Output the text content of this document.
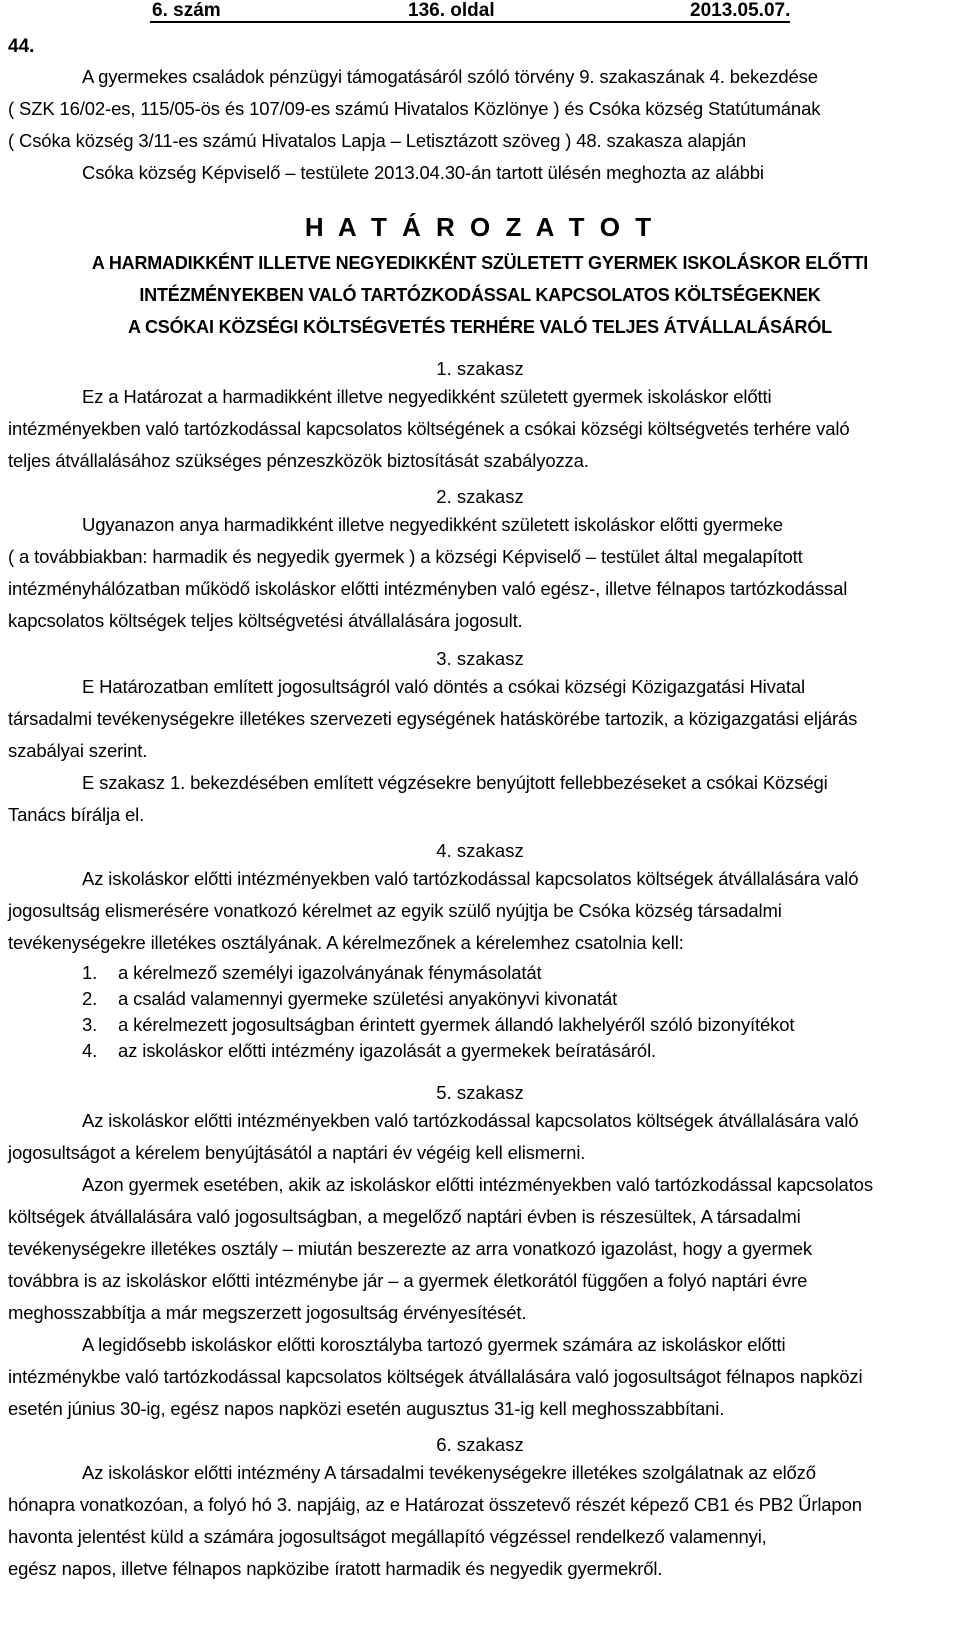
6. szám	136. oldal	2013.05.07.
44.
A gyermekes családok pénzügyi támogatásáról szóló törvény 9. szakaszának 4. bekezdése
( SZK 16/02-es, 115/05-ös és 107/09-es számú Hivatalos Közlönye ) és Csóka község Statútumának
( Csóka község 3/11-es számú Hivatalos Lapja – Letisztázott szöveg ) 48. szakasza alapján
Csóka község Képviselő – testülete 2013.04.30-án tartott ülésén meghozta az alábbi
H A T Á R O Z A T O T
A HARMADIKKÉNT ILLETVE NEGYEDIKKÉNT SZÜLETETT GYERMEK ISKOLÁSKOR ELŐTTI
INTÉZMÉNYEKBEN VALÓ TARTÓZKODÁSSAL KAPCSOLATOS KÖLTSÉGEKNEK
A CSÓKAI KÖZSÉGI KÖLTSÉGVETÉS TERHÉRE VALÓ TELJES ÁTVÁLLALÁSÁRÓL
1. szakasz
Ez a Határozat a harmadikként illetve negyedikként született gyermek iskoláskor előtti
intézményekben való tartózkodással kapcsolatos költségének a csókai községi költségvetés terhére való
teljes átvállalásához szükséges pénzeszközök biztosítását szabályozza.
2. szakasz
Ugyanazon anya harmadikként illetve negyedikként született iskoláskor előtti gyermeke
( a továbbiakban: harmadik és negyedik gyermek ) a községi Képviselő – testület által megalapított
intézményhálózatban működő iskoláskor előtti intézményben való egész-, illetve félnapos tartózkodással
kapcsolatos költségek teljes költségvetési átvállalására jogosult.
3. szakasz
E Határozatban említett jogosultságról való döntés a csókai községi Közigazgatási Hivatal
társadalmi tevékenységekre illetékes szervezeti egységének hatáskörébe tartozik, a közigazgatási eljárás
szabályai szerint.
E szakasz 1. bekezdésében említett végzésekre benyújtott fellebbezéseket a csókai Községi
Tanács bírálja el.
4. szakasz
Az iskoláskor előtti intézményekben való tartózkodással kapcsolatos költségek átvállalására való
jogosultság elismerésére vonatkozó kérelmet az egyik szülő nyújtja be Csóka község társadalmi
tevékenységekre illetékes osztályának. A kérelmezőnek a kérelemhez csatolnia kell:
1. a kérelmező személyi igazolványának fénymásolatát
2. a család valamennyi gyermeke születési anyakönyvi kivonatát
3. a kérelmezett jogosultságban érintett gyermek állandó lakhelyéről szóló bizonyítékot
4. az iskoláskor előtti intézmény igazolását a gyermekek beíratásáról.
5. szakasz
Az iskoláskor előtti intézményekben való tartózkodással kapcsolatos költségek átvállalására való
jogosultságot a kérelem benyújtásától a naptári év végéig kell elismerni.
Azon gyermek esetében, akik az iskoláskor előtti intézményekben való tartózkodással kapcsolatos
költségek átvállalására való jogosultságban, a megelőző naptári évben is részesültek, A társadalmi
tevékenységekre illetékes osztály – miután beszerezte az arra vonatkozó igazolást, hogy a gyermek
továbbra is az iskoláskor előtti intézménybe jár – a gyermek életkorától függően a folyó naptári évre
meghosszabbítja a már megszerzett jogosultság érvényesítését.
A legidősebb iskoláskor előtti korosztályba tartozó gyermek számára az iskoláskor előtti
intézménykbe való tartózkodással kapcsolatos költségek átvállalására való jogosultságot félnapos napközi
esetén június 30-ig, egész napos napközi esetén augusztus 31-ig kell meghosszabbítani.
6. szakasz
Az iskoláskor előtti intézmény A társadalmi tevékenységekre illetékes szolgálatnak az előző
hónapra vonatkozóan, a folyó hó 3. napjáig, az e Határozat összetevő részét képező CB1 és PB2 Űrlapon
havonta jelentést küld a számára jogosultságot megállapító végzéssel rendelkező valamennyi,
egész napos, illetve félnapos napközibe íratott harmadik és negyedik gyermekről.
